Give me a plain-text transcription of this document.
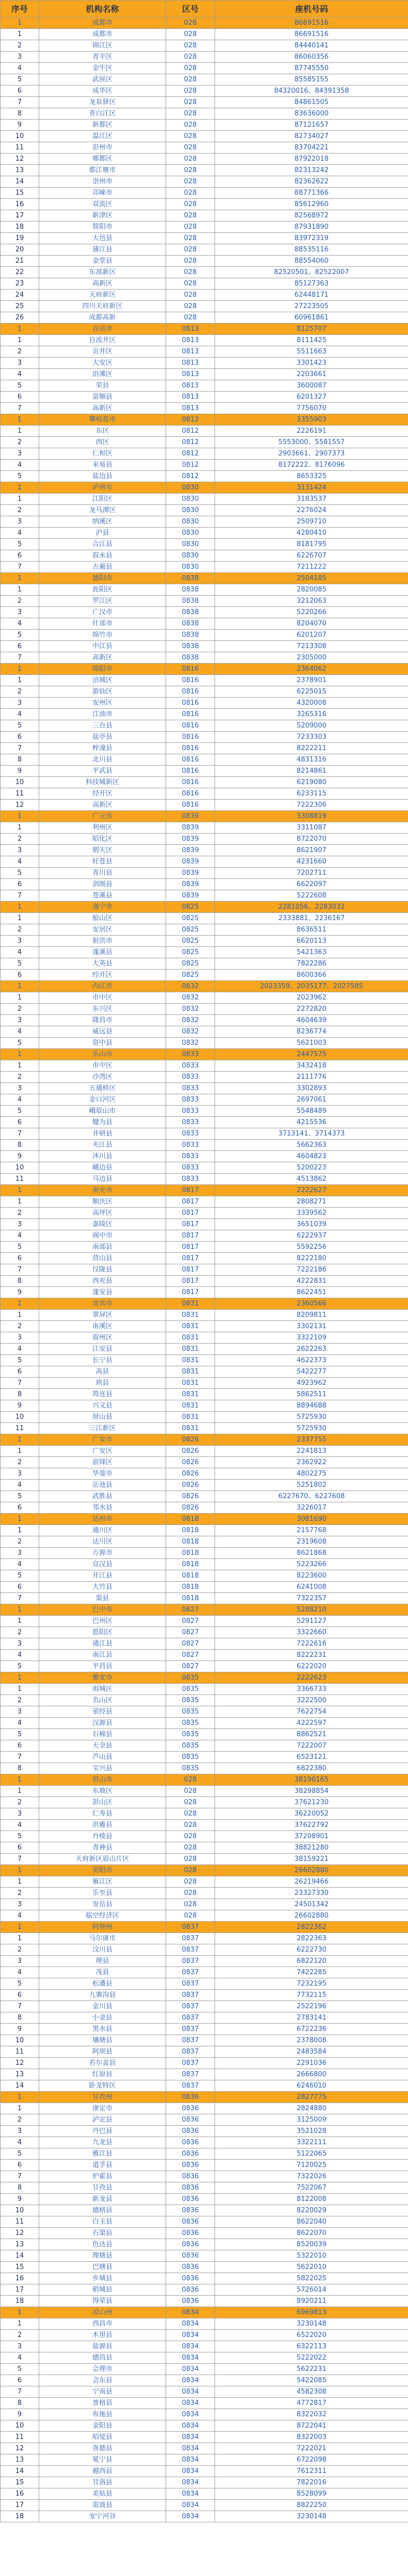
序号	机构名称	区号	座机号码
1	成都市	028	86691516
1	成都市	028	86691516
2	锦江区	028	84440141
3	青羊区	028	86060356
4	金牛区	028	87745550
5	武侯区	028	85585155
6	成华区	028	84320016、84391358
7	龙泉驿区	028	84861505
8	青白江区	028	83636000
9	新都区	028	87121657
10	温江区	028	82734027
11	彭州市	028	83704221
12	郫都区	028	87922018
13	都江堰市	028	82313242
14	崇州市	028	82362622
15	邛崃市	028	88771366
16	双流区	028	85612960
17	新津区	028	82568972
18	简阳市	028	87931890
19	大邑县	028	83972319
20	蒲江县	028	88535116
21	金堂县	028	88554060
22	东部新区	028	82520501、82522007
23	高新区	028	85127363
24	天府新区	028	62448171
25	四川天府新区	028	27223505
26	成都高新	028	60961861
1	自贡市	0813	8125707
1	自流井区	0813	8111425
2	贡井区	0813	5511663
3	大安区	0813	3301423
4	沿滩区	0813	2203661
5	荣县	0813	3600087
6	富顺县	0813	6201327
7	高新区	0813	7756070
1	攀枝花市	0812	3355903
1	东区	0812	2226191
2	西区	0812	5553000、5581557
3	仁和区	0812	2903661、2907373
4	米易县	0812	8172222、8176096
5	盐边县	0812	8653325
1	泸州市	0830	3131424
1	江阳区	0830	3183537
2	龙马潭区	0830	2276024
3	纳溪区	0830	2509710
4	泸县	0830	4280410
5	合江县	0830	8181795
6	叙永县	0830	6226707
7	古蔺县	0830	7211222
1	德阳市	0838	2504185
1	旌阳区	0838	2820085
2	罗江区	0838	3212063
3	广汉市	0838	5220266
4	什邡市	0838	8204070
5	绵竹市	0838	6201207
6	中江县	0838	7213308
7	高新区	0838	2305000
1	绵阳市	0816	2364062
1	涪城区	0816	2378901
2	游仙区	0816	6225015
3	安州区	0816	4320008
4	江油市	0816	3265316
5	三台县	0816	5209000
6	盐亭县	0816	7233303
7	梓潼县	0816	8222211
8	北川县	0816	4831316
9	平武县	0816	8214861
10	科技城新区	0816	6219080
11	经开区	0816	6233115
12	高新区	0816	7222306
1	广元市	0839	3308819
1	利州区	0839	3311087
2	昭化区	0839	8722070
3	朝天区	0839	8621907
4	旺苍县	0839	4231660
5	青川县	0839	7202711
6	剑阁县	0839	6622097
7	苍溪县	0839	5222608
1	遂宁市	0825	2281056、2283032
1	船山区	0825	2333881、2236167
2	安居区	0825	8636511
3	射洪市	0825	6620113
4	蓬溪县	0825	5421363
5	大英县	0825	7822286
6	经开区	0825	8600366
1	内江市	0832	2023359、2035177、2027585
1	市中区	0832	2023962
2	东兴区	0832	2272820
3	隆昌市	0832	4604639
4	威远县	0832	8236774
5	资中县	0832	5621003
1	乐山市	0833	2447575
1	市中区	0833	3432418
2	沙湾区	0833	2111776
3	五通桥区	0833	3302893
4	金口河区	0833	2697061
5	峨眉山市	0833	5548489
6	犍为县	0833	4215536
7	井研县	0833	3713141、3714373
8	夹江县	0833	5662363
9	沐川县	0833	4604823
10	峨边县	0833	5200223
11	马边县	0833	4513862
1	南充市	0817	2222627
1	顺庆区	0817	2808271
2	高坪区	0817	3339562
3	嘉陵区	0817	3651039
4	阆中市	0817	6222937
5	南部县	0817	5592256
6	营山县	0817	8222180
7	仪陇县	0817	7222186
8	西充县	0817	4222831
9	蓬安县	0817	8622451
1	宜宾市	0831	2360566
1	翠屏区	0831	8209811
2	南溪区	0831	3302131
3	叙州区	0831	3322109
4	江安县	0831	2622263
5	长宁县	0831	4622373
6	高县	0831	5422277
7	珙县	0831	4923962
8	筠连县	0831	5862511
9	兴文县	0831	8894688
10	屏山县	0831	5725930
11	三江新区	0831	5725930
1	广安市	0826	2337755
1	广安区	0826	2241813
2	前锋区	0826	2362922
3	华蓥市	0826	4802275
4	岳池县	0826	5251802
5	武胜县	0826	6227670、6227608
6	邻水县	0826	3226017
1	达州市	0818	3081690
1	通川区	0818	2157768
2	达川区	0818	2319608
3	万源市	0818	8621868
4	宣汉县	0818	5223266
5	开江县	0818	8223600
6	大竹县	0818	6241008
7	渠县	0818	7322357
1	巴中市	0827	5288210
1	巴州区	0827	5291127
2	恩阳区	0827	3322660
3	通江县	0827	7222616
4	南江县	0827	8222231
5	平昌县	0827	6222020
1	雅安市	0835	2222623
1	雨城区	0835	3366733
2	名山区	0835	3222500
3	荥经县	0835	7622754
4	汉源县	0835	4222597
5	石棉县	0835	8862521
6	天全县	0835	7222007
7	芦山县	0835	6523121
8	宝兴县	0835	6822380
1	眉山市	028	38190165
1	东坡区	028	38298854
2	彭山区	028	37621230
3	仁寿县	028	36220052
4	洪雅县	028	37622792
5	丹棱县	028	37208901
6	青神县	028	38821280
7	天府新区眉山片区	028	38159221
1	资阳市	028	26602880
1	雁江区	028	26219466
2	乐至县	028	23327330
3	安岳县	028	24501342
4	临空经济区	028	26602880
1	阿坝州	0837	2822362
1	马尔康市	0837	2822363
2	汶川县	0837	6222730
3	理县	0837	6822120
4	茂县	0837	7422285
5	松潘县	0837	7232195
6	九寨沟县	0837	7732115
7	金川县	0837	2522196
8	小金县	0837	2783141
9	黑水县	0837	6722236
10	壤塘县	0837	2378008
11	阿坝县	0837	2483584
12	若尔盖县	0837	2291036
13	红原县	0837	2666800
14	卧龙特区	0837	6246010
1	甘孜州	0836	2827775
1	康定市	0836	2824880
2	泸定县	0836	3125009
3	丹巴县	0836	3521028
4	九龙县	0836	3322111
5	雅江县	0836	5122065
6	道孚县	0836	7120025
7	炉霍县	0836	7322026
8	甘孜县	0836	7522067
9	新龙县	0836	8122008
10	德格县	0836	8220029
11	白玉县	0836	8622040
12	石渠县	0836	8622070
13	色达县	0836	8520039
14	理塘县	0836	5322010
15	巴塘县	0836	5622010
16	乡城县	0836	5822025
17	稻城县	0836	5726014
18	得荣县	0836	8920211
1	凉山州	0834	6969813
1	西昌市	0834	3230148
2	木里县	0834	6522020
3	盐源县	0834	6322113
4	德昌县	0834	5222022
5	会理市	0834	5622231
6	会东县	0834	5422085
7	宁南县	0834	4582308
8	普格县	0834	4772817
9	布拖县	0834	8322032
10	金阳县	0834	8722041
11	昭觉县	0834	8322003
12	喜德县	0834	7222021
13	冕宁县	0834	6722098
14	越西县	0834	7612311
15	甘洛县	0834	7822016
16	美姑县	0834	8528099
17	雷波县	0834	8822250
18	安宁河谷	0834	3230148
